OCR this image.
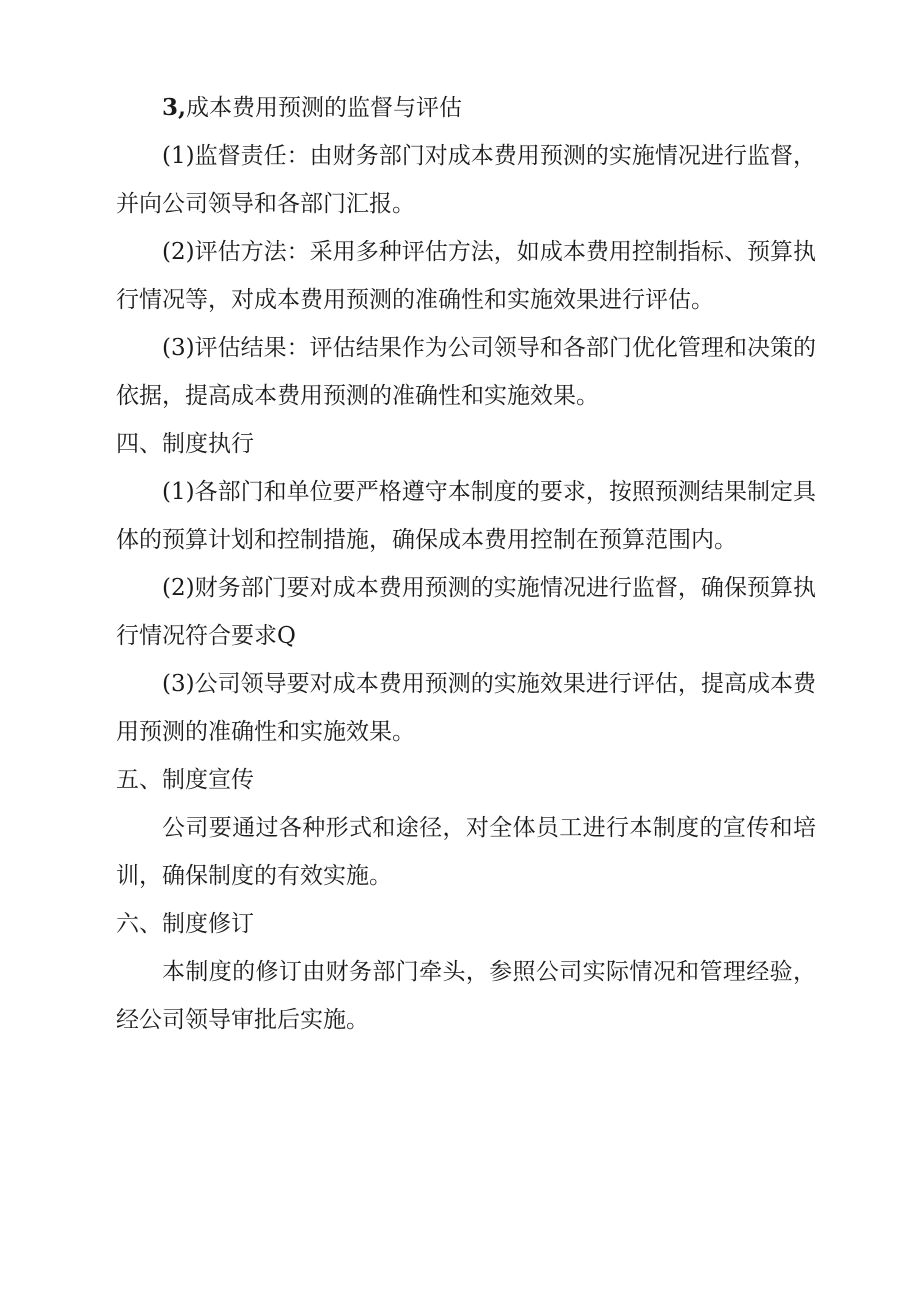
3,成本费用预测的监督与评估

(1)监督责任：由财务部门对成本费用预测的实施情况进行监督，并向公司领导和各部门汇报。

(2)评估方法：采用多种评估方法，如成本费用控制指标、预算执行情况等，对成本费用预测的准确性和实施效果进行评估。

(3)评估结果：评估结果作为公司领导和各部门优化管理和决策的依据，提高成本费用预测的准确性和实施效果。

四、制度执行

(1)各部门和单位要严格遵守本制度的要求，按照预测结果制定具体的预算计划和控制措施，确保成本费用控制在预算范围内。

(2)财务部门要对成本费用预测的实施情况进行监督，确保预算执行情况符合要求Q

(3)公司领导要对成本费用预测的实施效果进行评估，提高成本费用预测的准确性和实施效果。

五、制度宣传

公司要通过各种形式和途径，对全体员工进行本制度的宣传和培训，确保制度的有效实施。

六、制度修订

本制度的修订由财务部门牵头，参照公司实际情况和管理经验，经公司领导审批后实施。
